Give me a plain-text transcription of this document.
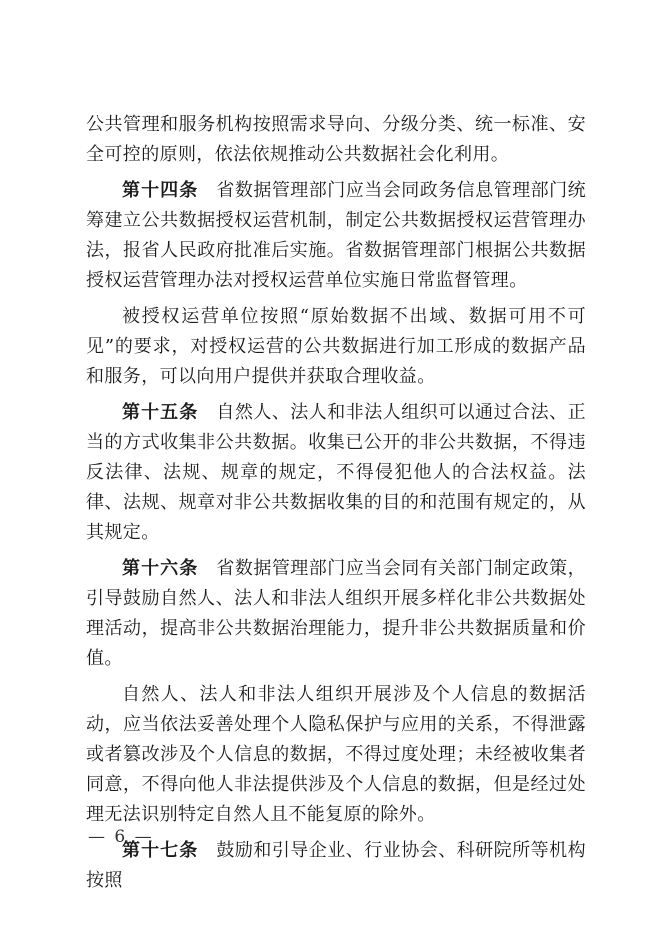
公共管理和服务机构按照需求导向、分级分类、统一标准、安全可控的原则，依法依规推动公共数据社会化利用。

第十四条 省数据管理部门应当会同政务信息管理部门统筹建立公共数据授权运营机制，制定公共数据授权运营管理办法，报省人民政府批准后实施。省数据管理部门根据公共数据授权运营管理办法对授权运营单位实施日常监督管理。

被授权运营单位按照“原始数据不出域、数据可用不可见”的要求，对授权运营的公共数据进行加工形成的数据产品和服务，可以向用户提供并获取合理收益。

第十五条 自然人、法人和非法人组织可以通过合法、正当的方式收集非公共数据。收集已公开的非公共数据，不得违反法律、法规、规章的规定，不得侵犯他人的合法权益。法律、法规、规章对非公共数据收集的目的和范围有规定的，从其规定。

第十六条 省数据管理部门应当会同有关部门制定政策，引导鼓励自然人、法人和非法人组织开展多样化非公共数据处理活动，提高非公共数据治理能力，提升非公共数据质量和价值。

自然人、法人和非法人组织开展涉及个人信息的数据活动，应当依法妥善处理个人隐私保护与应用的关系，不得泄露或者篡改涉及个人信息的数据，不得过度处理；未经被收集者同意，不得向他人非法提供涉及个人信息的数据，但是经过处理无法识别特定自然人且不能复原的除外。

第十七条 鼓励和引导企业、行业协会、科研院所等机构按照

— 6 —
